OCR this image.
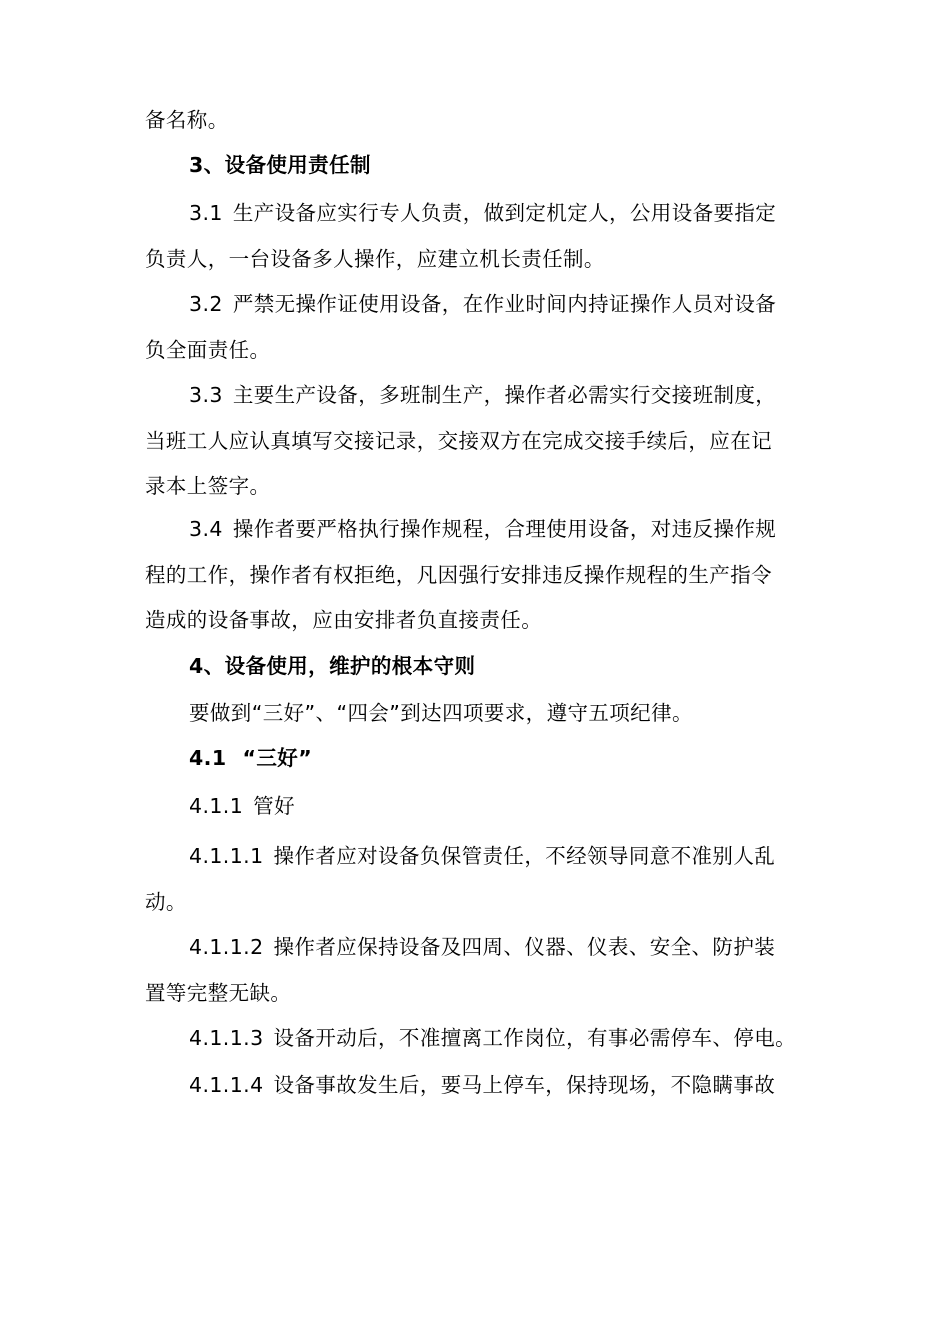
备名称。
3、设备使用责任制
3.1 生产设备应实行专人负责，做到定机定人，公用设备要指定
负责人，一台设备多人操作，应建立机长责任制。
3.2 严禁无操作证使用设备，在作业时间内持证操作人员对设备
负全面责任。
3.3 主要生产设备，多班制生产，操作者必需实行交接班制度，
当班工人应认真填写交接记录，交接双方在完成交接手续后，应在记
录本上签字。
3.4 操作者要严格执行操作规程，合理使用设备，对违反操作规
程的工作，操作者有权拒绝，凡因强行安排违反操作规程的生产指令
造成的设备事故，应由安排者负直接责任。
4、设备使用，维护的根本守则
要做到“三好”、“四会”到达四项要求，遵守五项纪律。
4.1 “三好”
4.1.1 管好
4.1.1.1 操作者应对设备负保管责任，不经领导同意不准别人乱
动。
4.1.1.2 操作者应保持设备及四周、仪器、仪表、安全、防护装
置等完整无缺。
4.1.1.3 设备开动后，不准擅离工作岗位，有事必需停车、停电。
4.1.1.4 设备事故发生后，要马上停车，保持现场，不隐瞒事故
